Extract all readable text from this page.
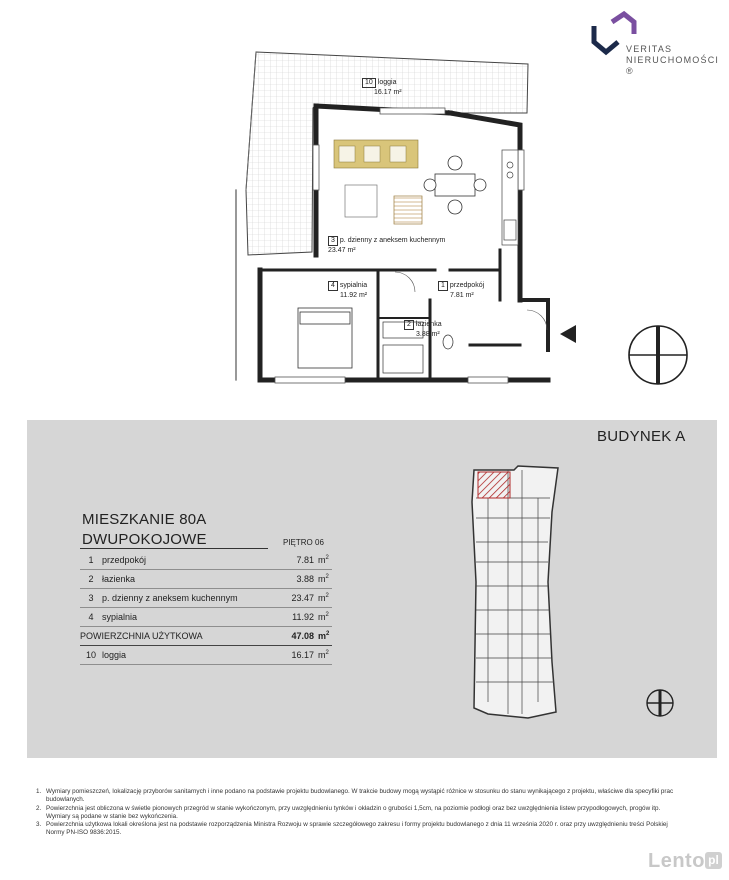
VERITAS
NIERUCHOMOŚCI ®
10 loggia
16.17 m²
3 p. dzienny z aneksem kuchennym
23.47 m²
4 sypialnia
11.92 m²
1 przedpokój
7.81 m²
2 łazienka
3.88 m²
BUDYNEK A
MIESZKANIE 80A
DWUPOKOJOWE	PIĘTRO 06
1	przedpokój	7.81	$m^2$
2	łazienka	3.88	$m^2$
3	p. dzienny z aneksem kuchennym	23.47	$m^2$
4	sypialnia	11.92	$m^2$
POWIERZCHNIA UŻYTKOWA		47.08	$m^2$
10	loggia	16.17	$m^2$
1. Wymiary pomieszczeń, lokalizację przyborów sanitarnych i inne podano na podstawie projektu budowlanego. W trakcie budowy mogą wystąpić różnice w stosunku do stanu wynikającego z projektu, właściwe dla specyfiki prac budowlanych.
2. Powierzchnia jest obliczona w świetle pionowych przegród w stanie wykończonym, przy uwzględnieniu tynków i okładzin o grubości 1,5cm, na poziomie podłogi oraz bez uwzględnienia listew przypodłogowych, progów itp. Wymiary są podane w stanie bez wykończenia.
3. Powierzchnia użytkowa lokali określona jest na podstawie rozporządzenia Ministra Rozwoju w sprawie szczegółowego zakresu i formy projektu budowlanego z dnia 11 września 2020 r. oraz przy uwzględnieniu treści Polskiej Normy PN-ISO 9836:2015.
Lento pl
